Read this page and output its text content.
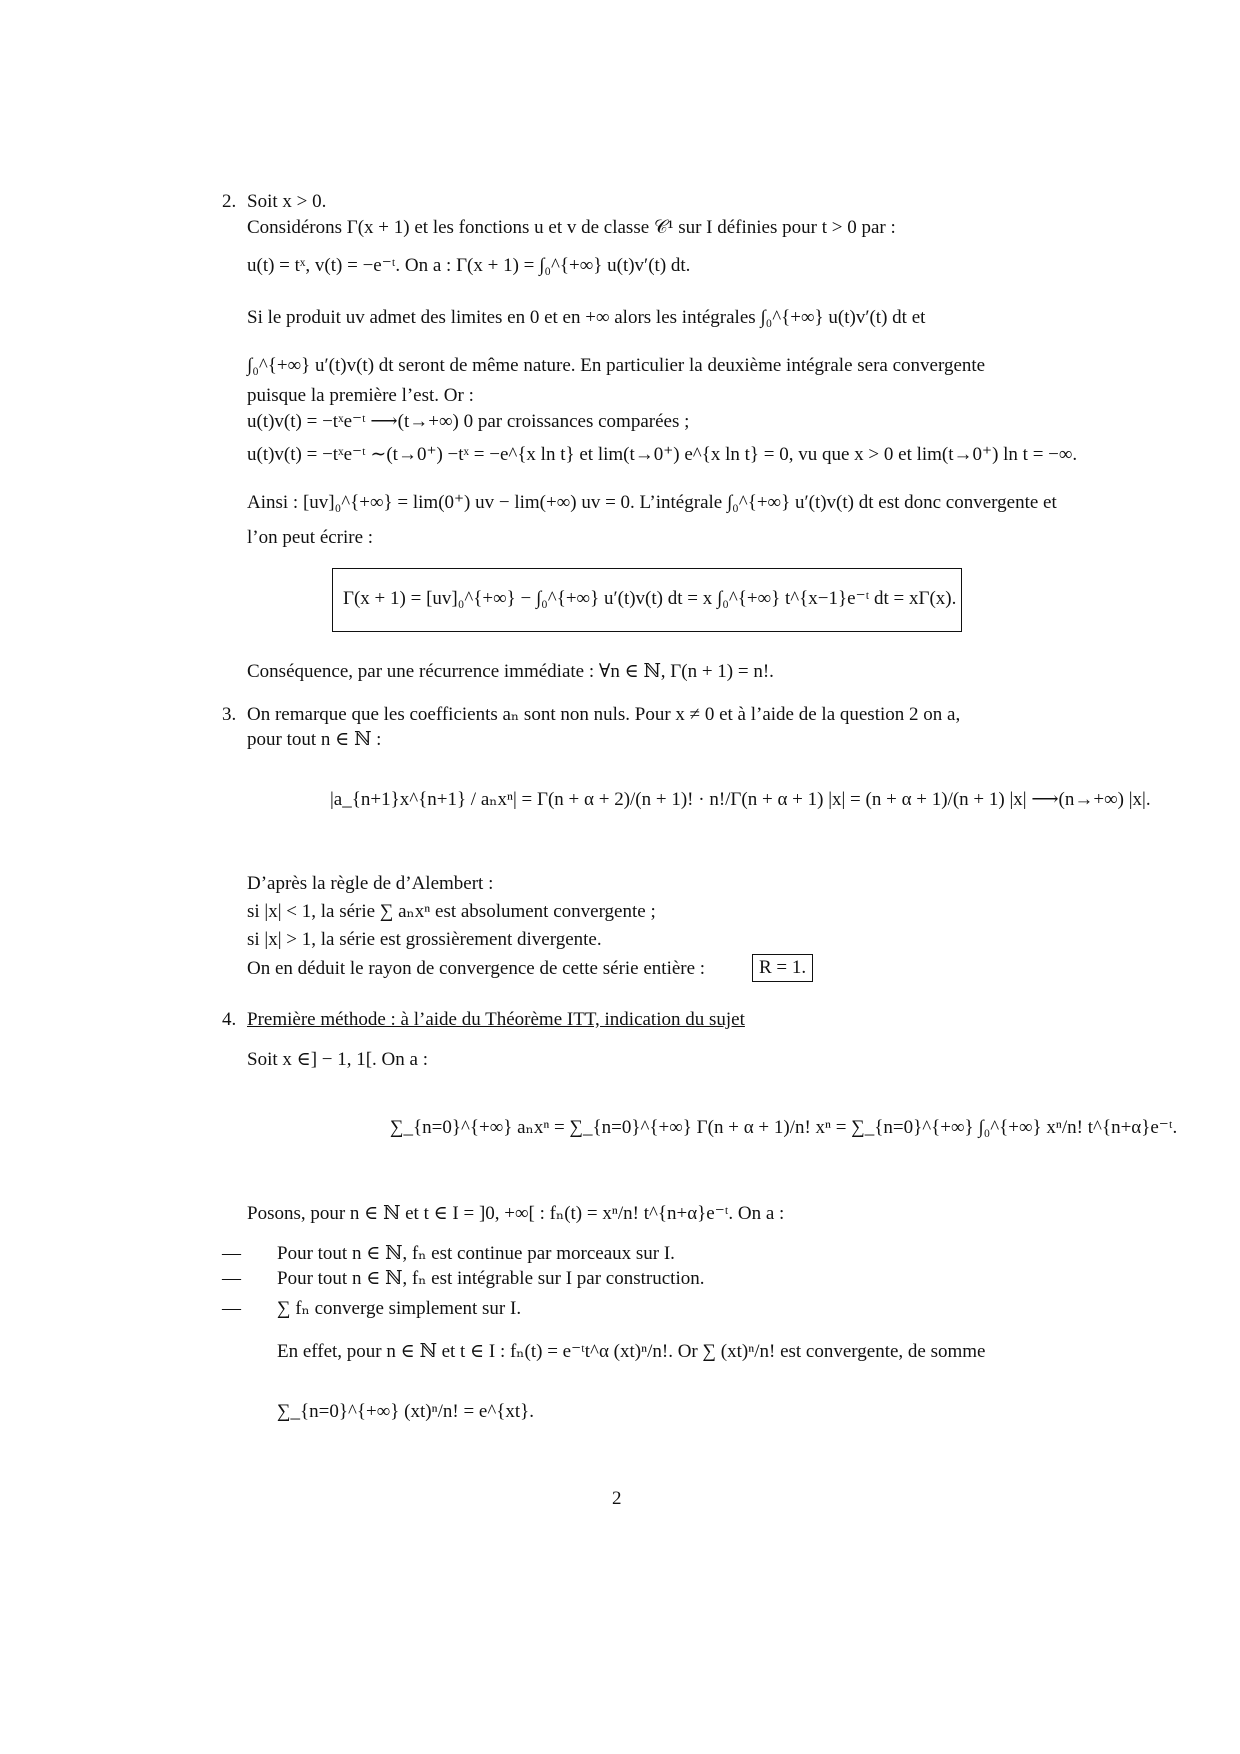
2. Soit x > 0.
Considérons Γ(x + 1) et les fonctions u et v de classe 𝒞¹ sur I définies pour t > 0 par :
u(t) = tˣ, v(t) = −e⁻ᵗ. On a : Γ(x + 1) = ∫₀^{+∞} u(t)v′(t) dt.
Si le produit uv admet des limites en 0 et en +∞ alors les intégrales ∫₀^{+∞} u(t)v′(t) dt et
∫₀^{+∞} u′(t)v(t) dt seront de même nature. En particulier la deuxième intégrale sera convergente
puisque la première l’est. Or :
u(t)v(t) = −tˣe⁻ᵗ ⟶(t→+∞) 0 par croissances comparées ;
u(t)v(t) = −tˣe⁻ᵗ ∼(t→0⁺) −tˣ = −e^{x ln t} et lim(t→0⁺) e^{x ln t} = 0, vu que x > 0 et lim(t→0⁺) ln t = −∞.
Ainsi : [uv]₀^{+∞} = lim(0⁺) uv − lim(+∞) uv = 0. L’intégrale ∫₀^{+∞} u′(t)v(t) dt est donc convergente et
l’on peut écrire :
Γ(x + 1) = [uv]₀^{+∞} − ∫₀^{+∞} u′(t)v(t) dt = x ∫₀^{+∞} t^{x−1}e⁻ᵗ dt = xΓ(x).
Conséquence, par une récurrence immédiate : ∀n ∈ ℕ, Γ(n + 1) = n!.
3. On remarque que les coefficients aₙ sont non nuls. Pour x ≠ 0 et à l’aide de la question 2 on a,
pour tout n ∈ ℕ :
|a_{n+1}x^{n+1} / aₙxⁿ| = Γ(n + α + 2)/(n + 1)! · n!/Γ(n + α + 1) |x| = (n + α + 1)/(n + 1) |x| ⟶(n→+∞) |x|.
D’après la règle de d’Alembert :
si |x| < 1, la série ∑ aₙxⁿ est absolument convergente ;
si |x| > 1, la série est grossièrement divergente.
On en déduit le rayon de convergence de cette série entière :	R = 1.
4. Première méthode : à l’aide du Théorème ITT, indication du sujet
Soit x ∈] − 1, 1[. On a :
∑_{n=0}^{+∞} aₙxⁿ = ∑_{n=0}^{+∞} Γ(n + α + 1)/n! xⁿ = ∑_{n=0}^{+∞} ∫₀^{+∞} xⁿ/n! t^{n+α}e⁻ᵗ.
Posons, pour n ∈ ℕ et t ∈ I = ]0, +∞[ : fₙ(t) = xⁿ/n! t^{n+α}e⁻ᵗ. On a :
— Pour tout n ∈ ℕ, fₙ est continue par morceaux sur I.
— Pour tout n ∈ ℕ, fₙ est intégrable sur I par construction.
— ∑ fₙ converge simplement sur I.
En effet, pour n ∈ ℕ et t ∈ I : fₙ(t) = e⁻ᵗt^α (xt)ⁿ/n!. Or ∑ (xt)ⁿ/n! est convergente, de somme
∑_{n=0}^{+∞} (xt)ⁿ/n! = e^{xt}.
2
